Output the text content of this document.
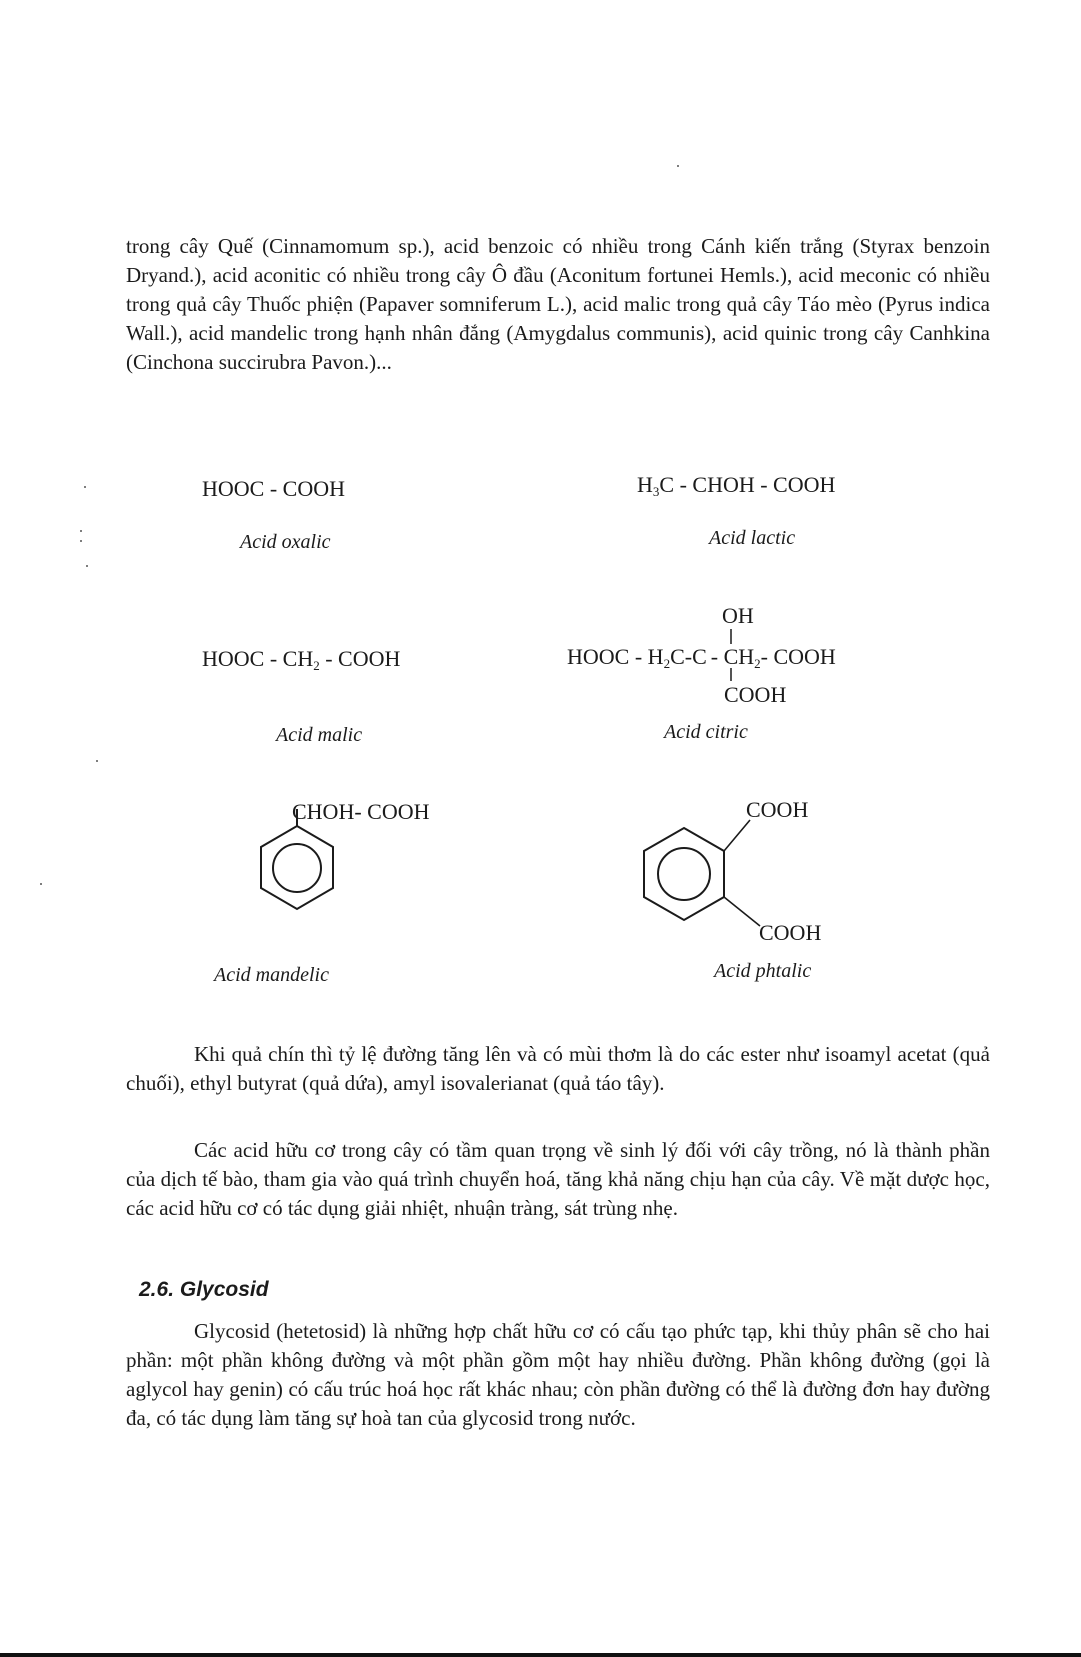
trong cây Quế (Cinnamomum sp.), acid benzoic có nhiều trong Cánh kiến trắng (Styrax benzoin Dryand.), acid aconitic có nhiều trong cây Ô đầu (Aconitum fortunei Hemls.), acid meconic có nhiều trong quả cây Thuốc phiện (Papaver somniferum L.), acid malic trong quả cây Táo mèo (Pyrus indica Wall.), acid mandelic trong hạnh nhân đắng (Amygdalus communis), acid quinic trong cây Canhkina (Cinchona succirubra Pavon.)...

HOOC - COOH
Acid oxalic
$H_3C$ - CHOH - COOH
Acid lactic
HOOC - $CH_2$ - COOH
Acid malic
OH
HOOC - $H_2C-C - CH_2-$ COOH
COOH
Acid citric
CHOH- COOH
Acid mandelic
COOH
COOH
Acid phtalic

Khi quả chín thì tỷ lệ đường tăng lên và có mùi thơm là do các ester như isoamyl acetat (quả chuối), ethyl butyrat (quả dứa), amyl isovalerianat (quả táo tây).

Các acid hữu cơ trong cây có tầm quan trọng về sinh lý đối với cây trồng, nó là thành phần của dịch tế bào, tham gia vào quá trình chuyển hoá, tăng khả năng chịu hạn của cây. Về mặt dược học, các acid hữu cơ có tác dụng giải nhiệt, nhuận tràng, sát trùng nhẹ.

2.6. Glycosid

Glycosid (hetetosid) là những hợp chất hữu cơ có cấu tạo phức tạp, khi thủy phân sẽ cho hai phần: một phần không đường và một phần gồm một hay nhiều đường. Phần không đường (gọi là aglycol hay genin) có cấu trúc hoá học rất khác nhau; còn phần đường có thể là đường đơn hay đường đa, có tác dụng làm tăng sự hoà tan của glycosid trong nước.
